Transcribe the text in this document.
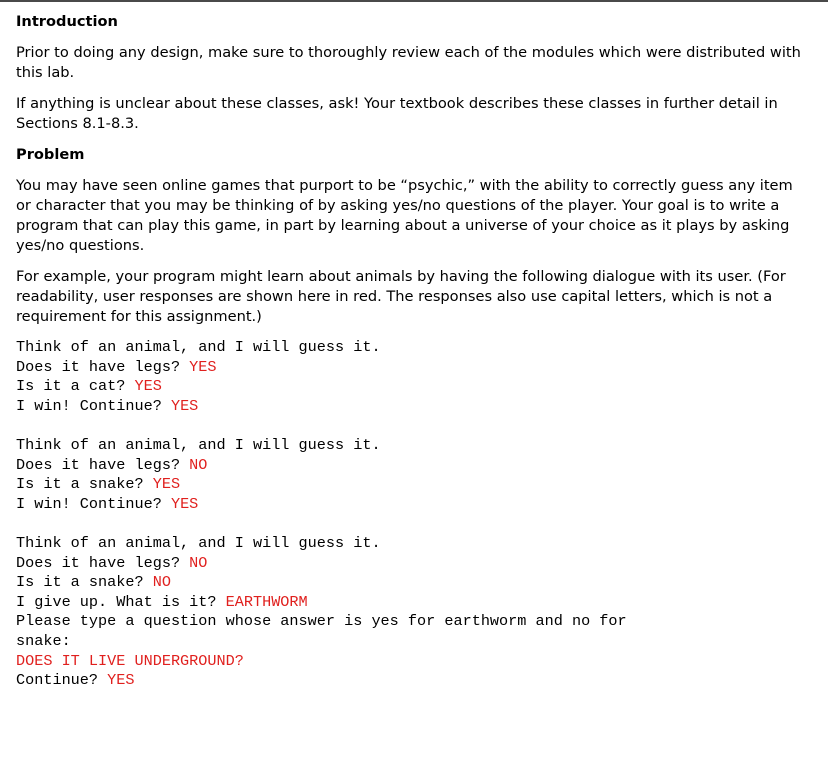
Introduction

Prior to doing any design, make sure to thoroughly review each of the modules which were distributed with this lab.

If anything is unclear about these classes, ask! Your textbook describes these classes in further detail in Sections 8.1-8.3.

Problem

You may have seen online games that purport to be “psychic,” with the ability to correctly guess any item or character that you may be thinking of by asking yes/no questions of the player. Your goal is to write a program that can play this game, in part by learning about a universe of your choice as it plays by asking yes/no questions.

For example, your program might learn about animals by having the following dialogue with its user. (For readability, user responses are shown here in red. The responses also use capital letters, which is not a requirement for this assignment.)

Think of an animal, and I will guess it.
Does it have legs? YES
Is it a cat? YES
I win! Continue? YES
Think of an animal, and I will guess it.
Does it have legs? NO
Is it a snake? YES
I win! Continue? YES
Think of an animal, and I will guess it.
Does it have legs? NO
Is it a snake? NO
I give up. What is it? EARTHWORM
Please type a question whose answer is yes for earthworm and no for
snake:
DOES IT LIVE UNDERGROUND?
Continue? YES
